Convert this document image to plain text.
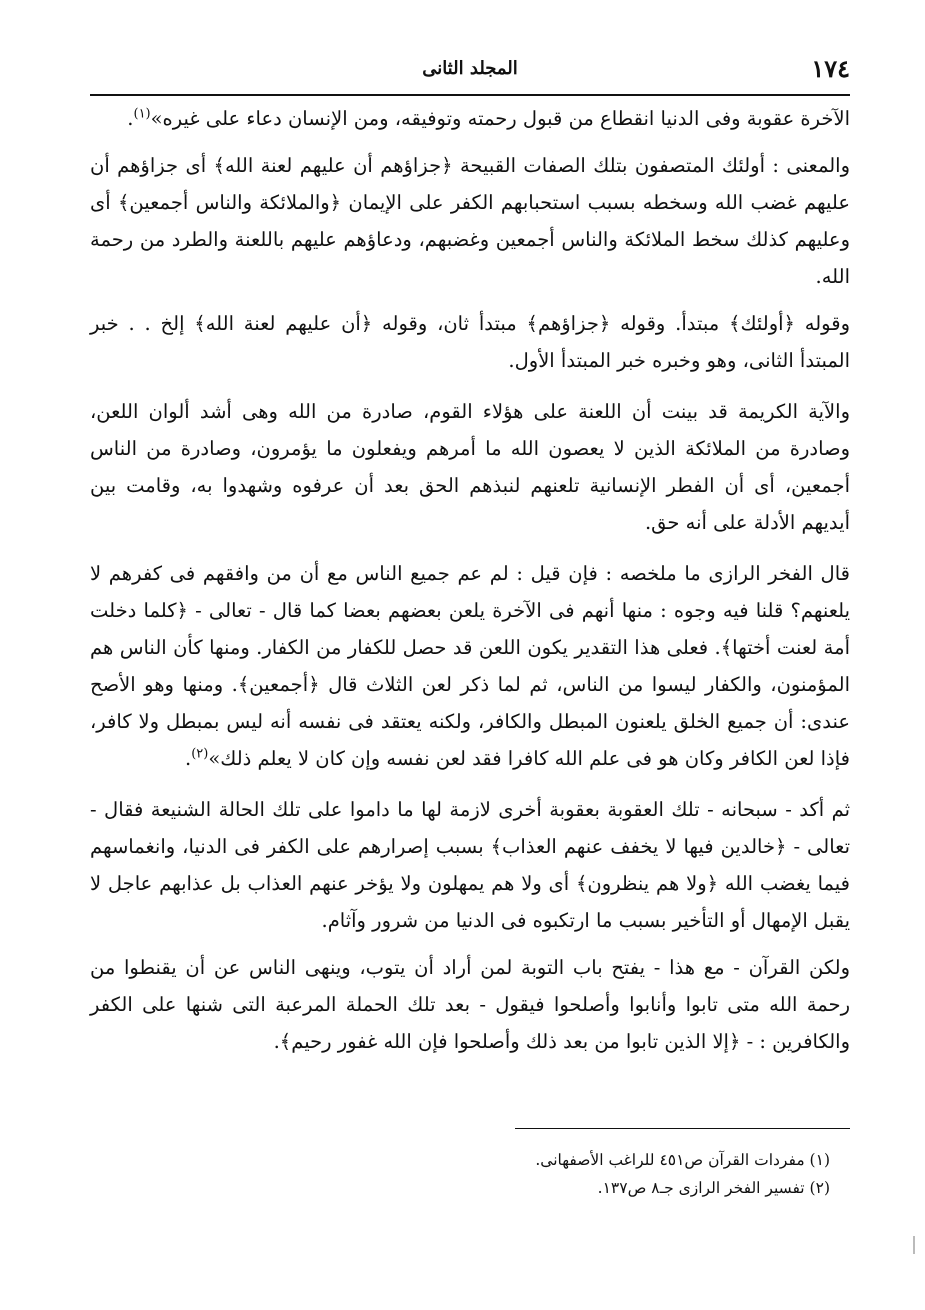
١٧٤
المجلد الثانى

الآخرة عقوبة وفى الدنيا انقطاع من قبول رحمته وتوفيقه، ومن الإنسان دعاء على غيره»$^{(١)}$.

والمعنى : أولئك المتصفون بتلك الصفات القبيحة ﴿جزاؤهم أن عليهم لعنة الله﴾ أى جزاؤهم أن عليهم غضب الله وسخطه بسبب استحبابهم الكفر على الإيمان ﴿والملائكة والناس أجمعين﴾ أى وعليهم كذلك سخط الملائكة والناس أجمعين وغضبهم، ودعاؤهم عليهم باللعنة والطرد من رحمة الله.

وقوله ﴿أولئك﴾ مبتدأ. وقوله ﴿جزاؤهم﴾ مبتدأ ثان، وقوله ﴿أن عليهم لعنة الله﴾ إلخ . . خبر المبتدأ الثانى، وهو وخبره خبر المبتدأ الأول.

والآية الكريمة قد بينت أن اللعنة على هؤلاء القوم، صادرة من الله وهى أشد ألوان اللعن، وصادرة من الملائكة الذين لا يعصون الله ما أمرهم ويفعلون ما يؤمرون، وصادرة من الناس أجمعين، أى أن الفطر الإنسانية تلعنهم لنبذهم الحق بعد أن عرفوه وشهدوا به، وقامت بين أيديهم الأدلة على أنه حق.

قال الفخر الرازى ما ملخصه : فإن قيل : لم عم جميع الناس مع أن من وافقهم فى كفرهم لا يلعنهم؟ قلنا فيه وجوه : منها أنهم فى الآخرة يلعن بعضهم بعضا كما قال - تعالى - ﴿كلما دخلت أمة لعنت أختها﴾. فعلى هذا التقدير يكون اللعن قد حصل للكفار من الكفار. ومنها كأن الناس هم المؤمنون، والكفار ليسوا من الناس، ثم لما ذكر لعن الثلاث قال ﴿أجمعين﴾. ومنها وهو الأصح عندى: أن جميع الخلق يلعنون المبطل والكافر، ولكنه يعتقد فى نفسه أنه ليس بمبطل ولا كافر، فإذا لعن الكافر وكان هو فى علم الله كافرا فقد لعن نفسه وإن كان لا يعلم ذلك»$^{(٢)}$.

ثم أكد - سبحانه - تلك العقوبة بعقوبة أخرى لازمة لها ما داموا على تلك الحالة الشنيعة فقال - تعالى - ﴿خالدين فيها لا يخفف عنهم العذاب﴾ بسبب إصرارهم على الكفر فى الدنيا، وانغماسهم فيما يغضب الله ﴿ولا هم ينظرون﴾ أى ولا هم يمهلون ولا يؤخر عنهم العذاب بل عذابهم عاجل لا يقبل الإمهال أو التأخير بسبب ما ارتكبوه فى الدنيا من شرور وآثام.

ولكن القرآن - مع هذا - يفتح باب التوبة لمن أراد أن يتوب، وينهى الناس عن أن يقنطوا من رحمة الله متى تابوا وأنابوا وأصلحوا فيقول - بعد تلك الحملة المرعبة التى شنها على الكفر والكافرين : - ﴿إلا الذين تابوا من بعد ذلك وأصلحوا فإن الله غفور رحيم﴾.

(١) مفردات القرآن ص٤٥١ للراغب الأصفهانى.
(٢) تفسير الفخر الرازى جـ٨ ص١٣٧.
